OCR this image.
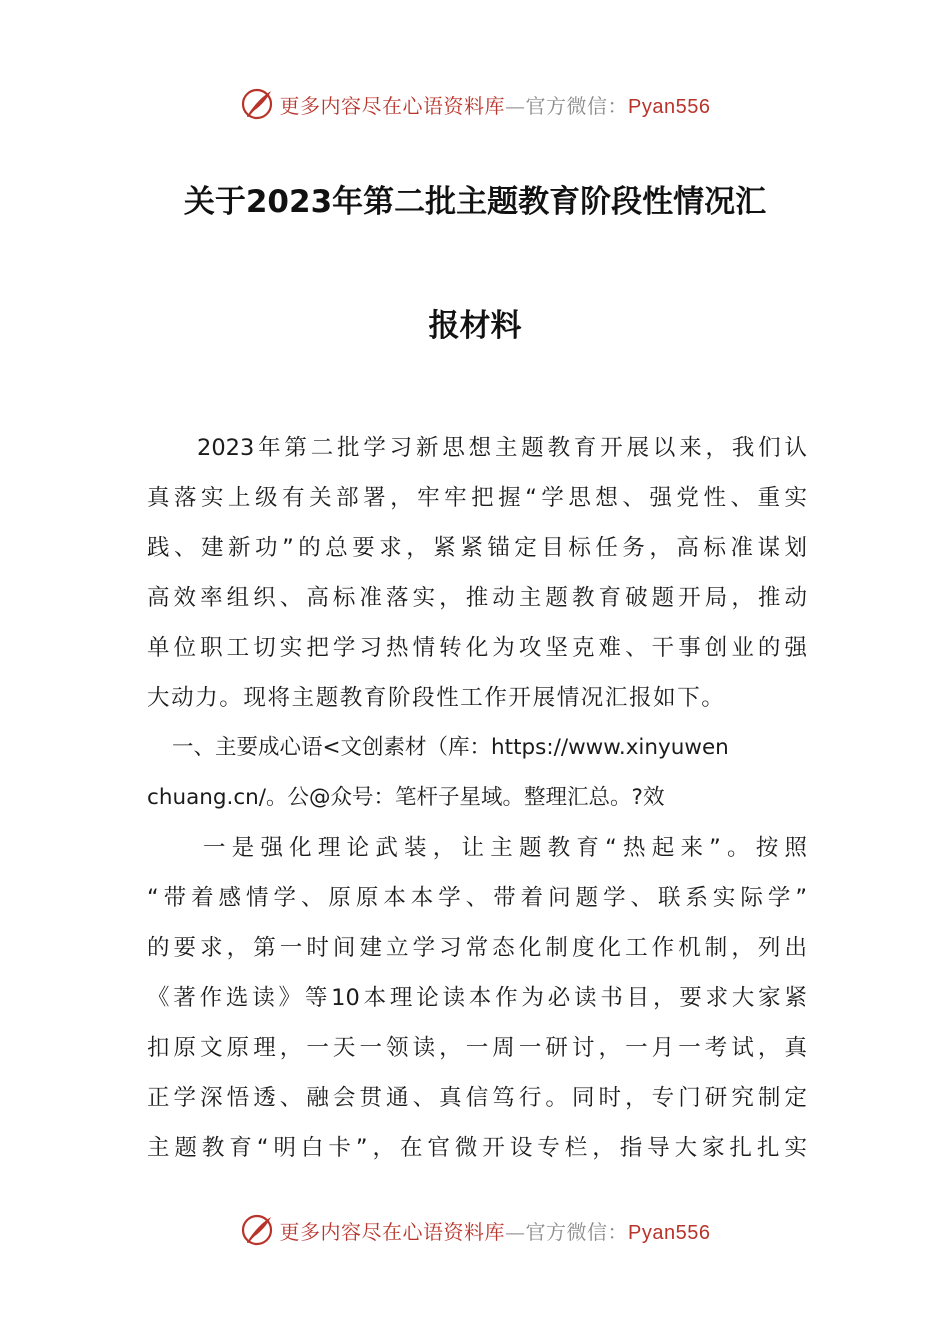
更多内容尽在心语资料库—官方微信：Pyan556
关于2023年第二批主题教育阶段性情况汇
报材料
2023年第二批学习新思想主题教育开展以来，我们认
真落实上级有关部署，牢牢把握“学思想、强党性、重实
践、建新功”的总要求，紧紧锚定目标任务，高标准谋划
高效率组织、高标准落实，推动主题教育破题开局，推动
单位职工切实把学习热情转化为攻坚克难、干事创业的强
大动力。现将主题教育阶段性工作开展情况汇报如下。
一、主要成心语<文创素材（库：https://www.xinyuwen
chuang.cn/。公@众号：笔杆子星域。整理汇总。?效
一是强化理论武装，让主题教育“热起来”。按照
“带着感情学、原原本本学、带着问题学、联系实际学”
的要求，第一时间建立学习常态化制度化工作机制，列出
《著作选读》等10本理论读本作为必读书目，要求大家紧
扣原文原理，一天一领读，一周一研讨，一月一考试，真
正学深悟透、融会贯通、真信笃行。同时，专门研究制定
主题教育“明白卡”，在官微开设专栏，指导大家扎扎实
更多内容尽在心语资料库—官方微信：Pyan556
